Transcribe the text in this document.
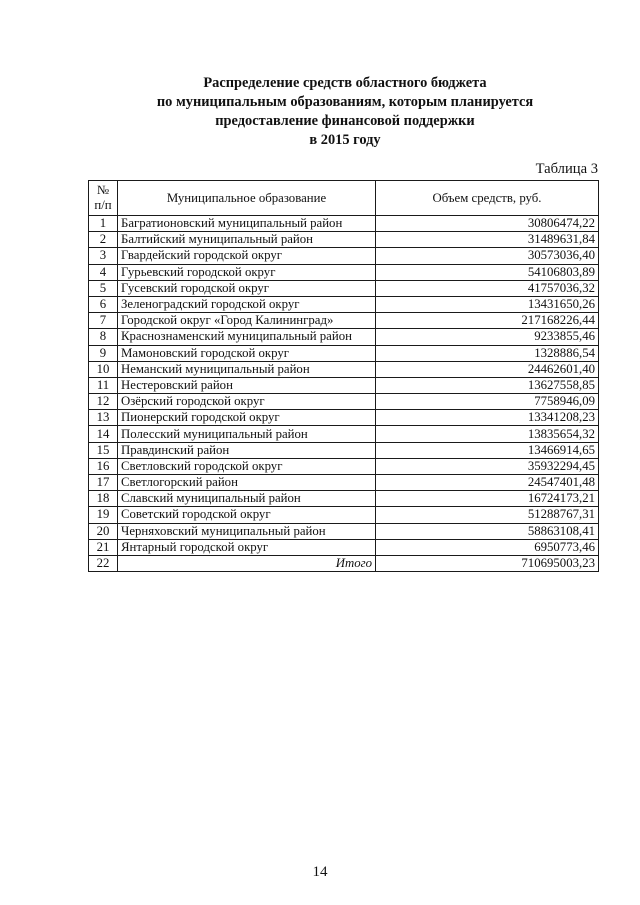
Распределение средств областного бюджета
по муниципальным образованиям, которым планируется
предоставление финансовой поддержки
в 2015 году
Таблица 3
№
п/п	Муниципальное образование	Объем средств, руб.
1	Багратионовский муниципальный район	30806474,22
2	Балтийский муниципальный район	31489631,84
3	Гвардейский городской округ	30573036,40
4	Гурьевский городской округ	54106803,89
5	Гусевский городской округ	41757036,32
6	Зеленоградский городской округ	13431650,26
7	Городской округ «Город Калининград»	217168226,44
8	Краснознаменский муниципальный район	9233855,46
9	Мамоновский городской округ	1328886,54
10	Неманский муниципальный район	24462601,40
11	Нестеровский район	13627558,85
12	Озёрский городской округ	7758946,09
13	Пионерский городской округ	13341208,23
14	Полесский муниципальный район	13835654,32
15	Правдинский район	13466914,65
16	Светловский городской округ	35932294,45
17	Светлогорский район	24547401,48
18	Славский муниципальный район	16724173,21
19	Советский городской округ	51288767,31
20	Черняховский муниципальный район	58863108,41
21	Янтарный городской округ	6950773,46
22	Итого	710695003,23
14
